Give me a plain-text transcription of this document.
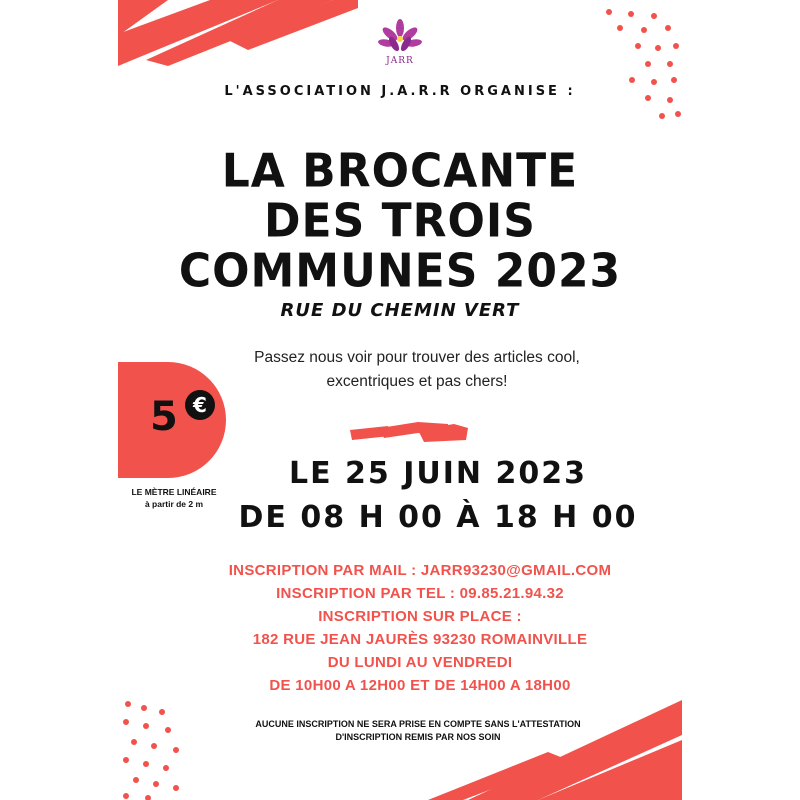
JARR
L'ASSOCIATION J.A.R.R ORGANISE :
LA BROCANTE
DES TROIS
COMMUNES 2023
RUE DU CHEMIN VERT
Passez nous voir pour trouver des articles cool,
excentriques et pas chers!
5 €
LE MÈTRE LINÉAIRE
à partir de 2 m
LE 25 JUIN 2023
DE 08 H 00 À 18 H 00
INSCRIPTION PAR MAIL : JARR93230@GMAIL.COM
INSCRIPTION PAR TEL : 09.85.21.94.32
INSCRIPTION SUR PLACE :
182 RUE JEAN JAURÈS 93230 ROMAINVILLE
DU LUNDI AU VENDREDI
DE 10H00 A 12H00 ET DE 14H00 A 18H00
AUCUNE INSCRIPTION NE SERA PRISE EN COMPTE SANS L'ATTESTATION
D'INSCRIPTION REMIS PAR NOS SOIN
